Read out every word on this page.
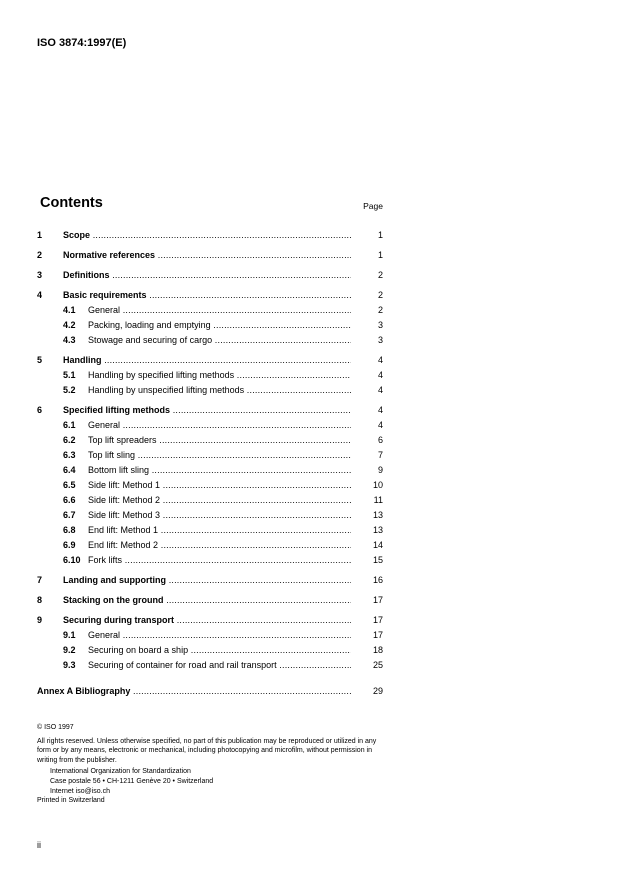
ISO 3874:1997(E)
Contents	Page
1 Scope .....	1
2 Normative references .....	1
3 Definitions .....	2
4 Basic requirements .....	2
4.1 General .....	2
4.2 Packing, loading and emptying .....	3
4.3 Stowage and securing of cargo .....	3
5 Handling .....	4
5.1 Handling by specified lifting methods .....	4
5.2 Handling by unspecified lifting methods .....	4
6 Specified lifting methods .....	4
6.1 General .....	4
6.2 Top lift spreaders .....	6
6.3 Top lift sling .....	7
6.4 Bottom lift sling .....	9
6.5 Side lift: Method 1 .....	10
6.6 Side lift: Method 2 .....	11
6.7 Side lift: Method 3 .....	13
6.8 End lift: Method 1 .....	13
6.9 End lift: Method 2 .....	14
6.10 Fork lifts .....	15
7 Landing and supporting .....	16
8 Stacking on the ground .....	17
9 Securing during transport .....	17
9.1 General .....	17
9.2 Securing on board a ship .....	18
9.3 Securing of container for road and rail transport .....	25
Annex A Bibliography .....	29

© ISO 1997

All rights reserved. Unless otherwise specified, no part of this publication may be reproduced or utilized in any form or by any means, electronic or mechanical, including photocopying and microfilm, without permission in writing from the publisher.

International Organization for Standardization

Case postale 56 • CH-1211 Genève 20 • Switzerland

Internet iso@iso.ch

Printed in Switzerland

ii
